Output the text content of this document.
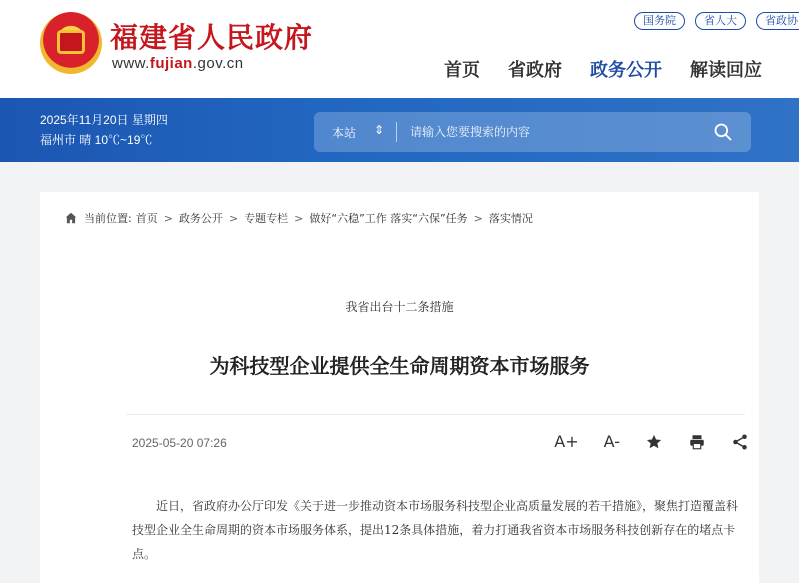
福建省人民政府
www.fujian.gov.cn
国务院	省人大	省政协
首页 省政府 政务公开 解读回应
2025年11月20日 星期四
福州市 晴 10℃~19℃	本站 ⇕
请输入您要搜索的内容
当前位置: 首页 > 政务公开 > 专题专栏 > 做好“六稳”工作 落实“六保”任务 > 落实情况
我省出台十二条措施
为科技型企业提供全生命周期资本市场服务
2025-05-20 07:26	A+ A-
近日，省政府办公厅印发《关于进一步推动资本市场服务科技型企业高质量发展的若干措施》，聚焦打造覆盖科技型企业全生命周期的资本市场服务体系，提出12条具体措施，着力打通我省资本市场服务科技创新存在的堵点卡点。
